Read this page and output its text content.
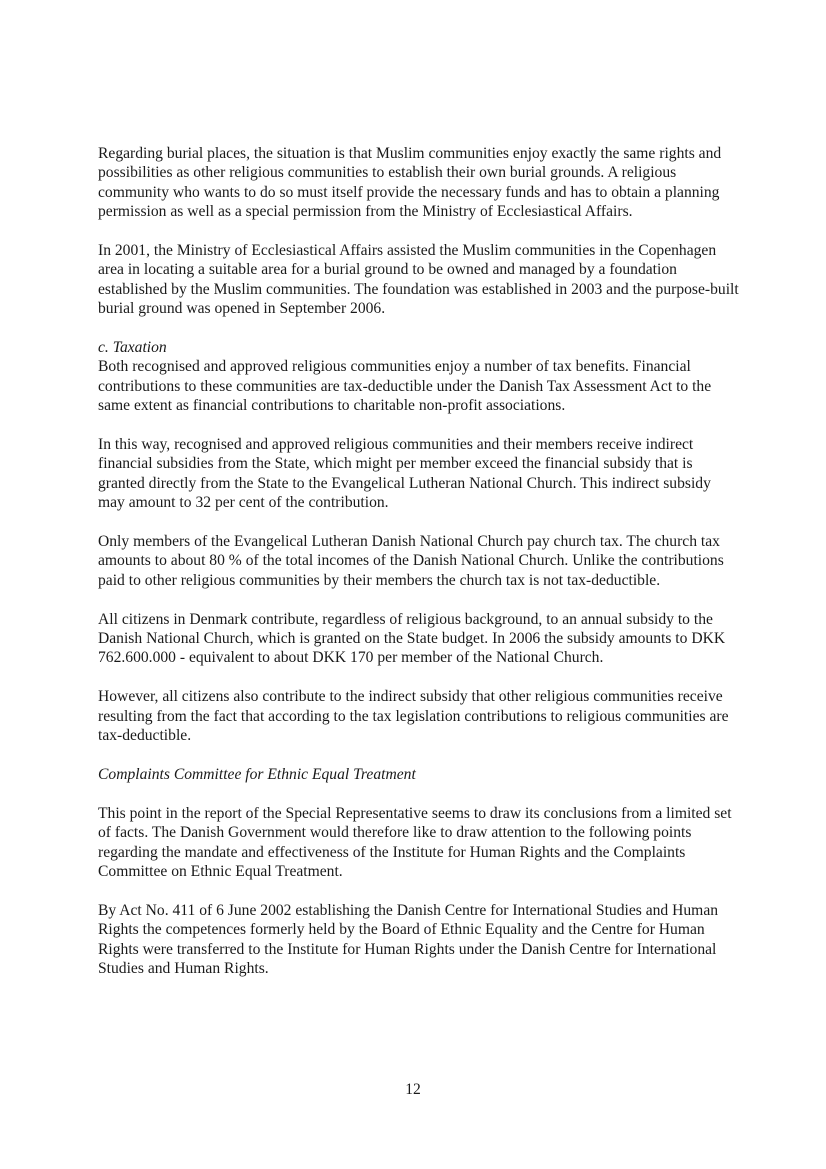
Regarding burial places, the situation is that Muslim communities enjoy exactly the same rights and possibilities as other religious communities to establish their own burial grounds. A religious community who wants to do so must itself provide the necessary funds and has to obtain a planning permission as well as a special permission from the Ministry of Ecclesiastical Affairs.

In 2001, the Ministry of Ecclesiastical Affairs assisted the Muslim communities in the Copenhagen area in locating a suitable area for a burial ground to be owned and managed by a foundation established by the Muslim communities. The foundation was established in 2003 and the purpose-built burial ground was opened in September 2006.

c. Taxation

Both recognised and approved religious communities enjoy a number of tax benefits. Financial contributions to these communities are tax-deductible under the Danish Tax Assessment Act to the same extent as financial contributions to charitable non-profit associations.

In this way, recognised and approved religious communities and their members receive indirect financial subsidies from the State, which might per member exceed the financial subsidy that is granted directly from the State to the Evangelical Lutheran National Church. This indirect subsidy may amount to 32 per cent of the contribution.

Only members of the Evangelical Lutheran Danish National Church pay church tax. The church tax amounts to about 80 % of the total incomes of the Danish National Church. Unlike the contributions paid to other religious communities by their members the church tax is not tax-deductible.

All citizens in Denmark contribute, regardless of religious background, to an annual subsidy to the Danish National Church, which is granted on the State budget. In 2006 the subsidy amounts to DKK 762.600.000 - equivalent to about DKK 170 per member of the National Church.

However, all citizens also contribute to the indirect subsidy that other religious communities receive resulting from the fact that according to the tax legislation contributions to religious communities are tax-deductible.

Complaints Committee for Ethnic Equal Treatment

This point in the report of the Special Representative seems to draw its conclusions from a limited set of facts. The Danish Government would therefore like to draw attention to the following points regarding the mandate and effectiveness of the Institute for Human Rights and the Complaints Committee on Ethnic Equal Treatment.

By Act No. 411 of 6 June 2002 establishing the Danish Centre for International Studies and Human Rights the competences formerly held by the Board of Ethnic Equality and the Centre for Human Rights were transferred to the Institute for Human Rights under the Danish Centre for International Studies and Human Rights.

12
